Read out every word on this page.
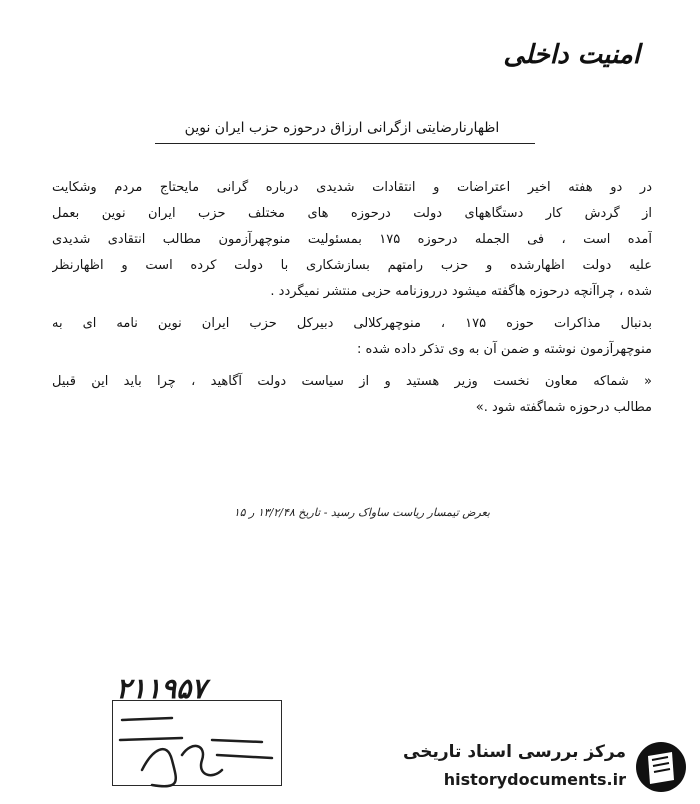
امنیت داخلی
اظهارنارضایتی ازگرانی ارزاق درحوزه حزب ایران نوین

در دو هفته اخیر اعتراضات و انتقادات شدیدی درباره گرانی مایحتاج مردم وشکایت
از گردش کار دستگاههای دولت درحوزه های مختلف حزب ایران نوین بعمل
آمده است ، فی الجمله درحوزه ۱۷۵ بمسئولیت منوچهرآزمون مطالب انتقادی شدیدی
علیه دولت اظهارشده و حزب رامتهم بسازشکاری با دولت کرده است و اظهارنظر
شده ، چراآنچه درحوزه هاگفته میشود درروزنامه حزبی منتشر نمیگردد .

بدنبال مذاکرات حوزه ۱۷۵ ، منوچهرکلالی دبیرکل حزب ایران نوین نامه ای به
منوچهرآزمون نوشته و ضمن آن به وی تذکر داده شده :

« شماکه معاون نخست وزیر هستید و از سیاست دولت آگاهید ، چرا باید این قبیل
مطالب درحوزه شماگفته شود .»

بعرض تیمسار ریاست ساواک رسید - تاریخ ۱۳/۲/۴۸ ر ۱۵
۲۱۱۹۵۷
مرکز بررسی اسناد تاریخی
historydocuments.ir
